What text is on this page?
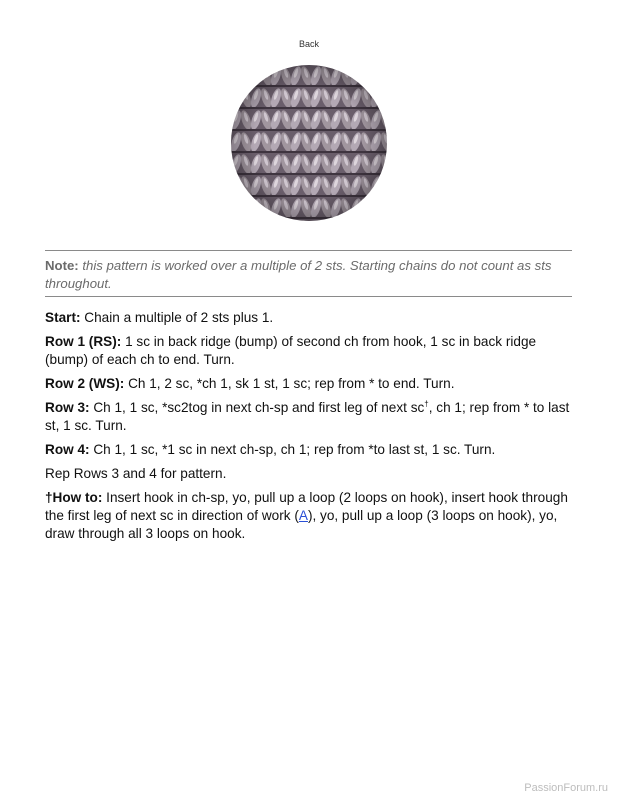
Back
Note: this pattern is worked over a multiple of 2 sts. Starting chains do not count as sts throughout.

Start: Chain a multiple of 2 sts plus 1.

Row 1 (RS): 1 sc in back ridge (bump) of second ch from hook, 1 sc in back ridge (bump) of each ch to end. Turn.

Row 2 (WS): Ch 1, 2 sc, *ch 1, sk 1 st, 1 sc; rep from * to end. Turn.

Row 3: Ch 1, 1 sc, *sc2tog in next ch-sp and first leg of next sc†, ch 1; rep from * to last st, 1 sc. Turn.

Row 4: Ch 1, 1 sc, *1 sc in next ch-sp, ch 1; rep from *to last st, 1 sc. Turn.

Rep Rows 3 and 4 for pattern.

†How to: Insert hook in ch-sp, yo, pull up a loop (2 loops on hook), insert hook through the first leg of next sc in direction of work (A), yo, pull up a loop (3 loops on hook), yo, draw through all 3 loops on hook.

PassionForum.ru
